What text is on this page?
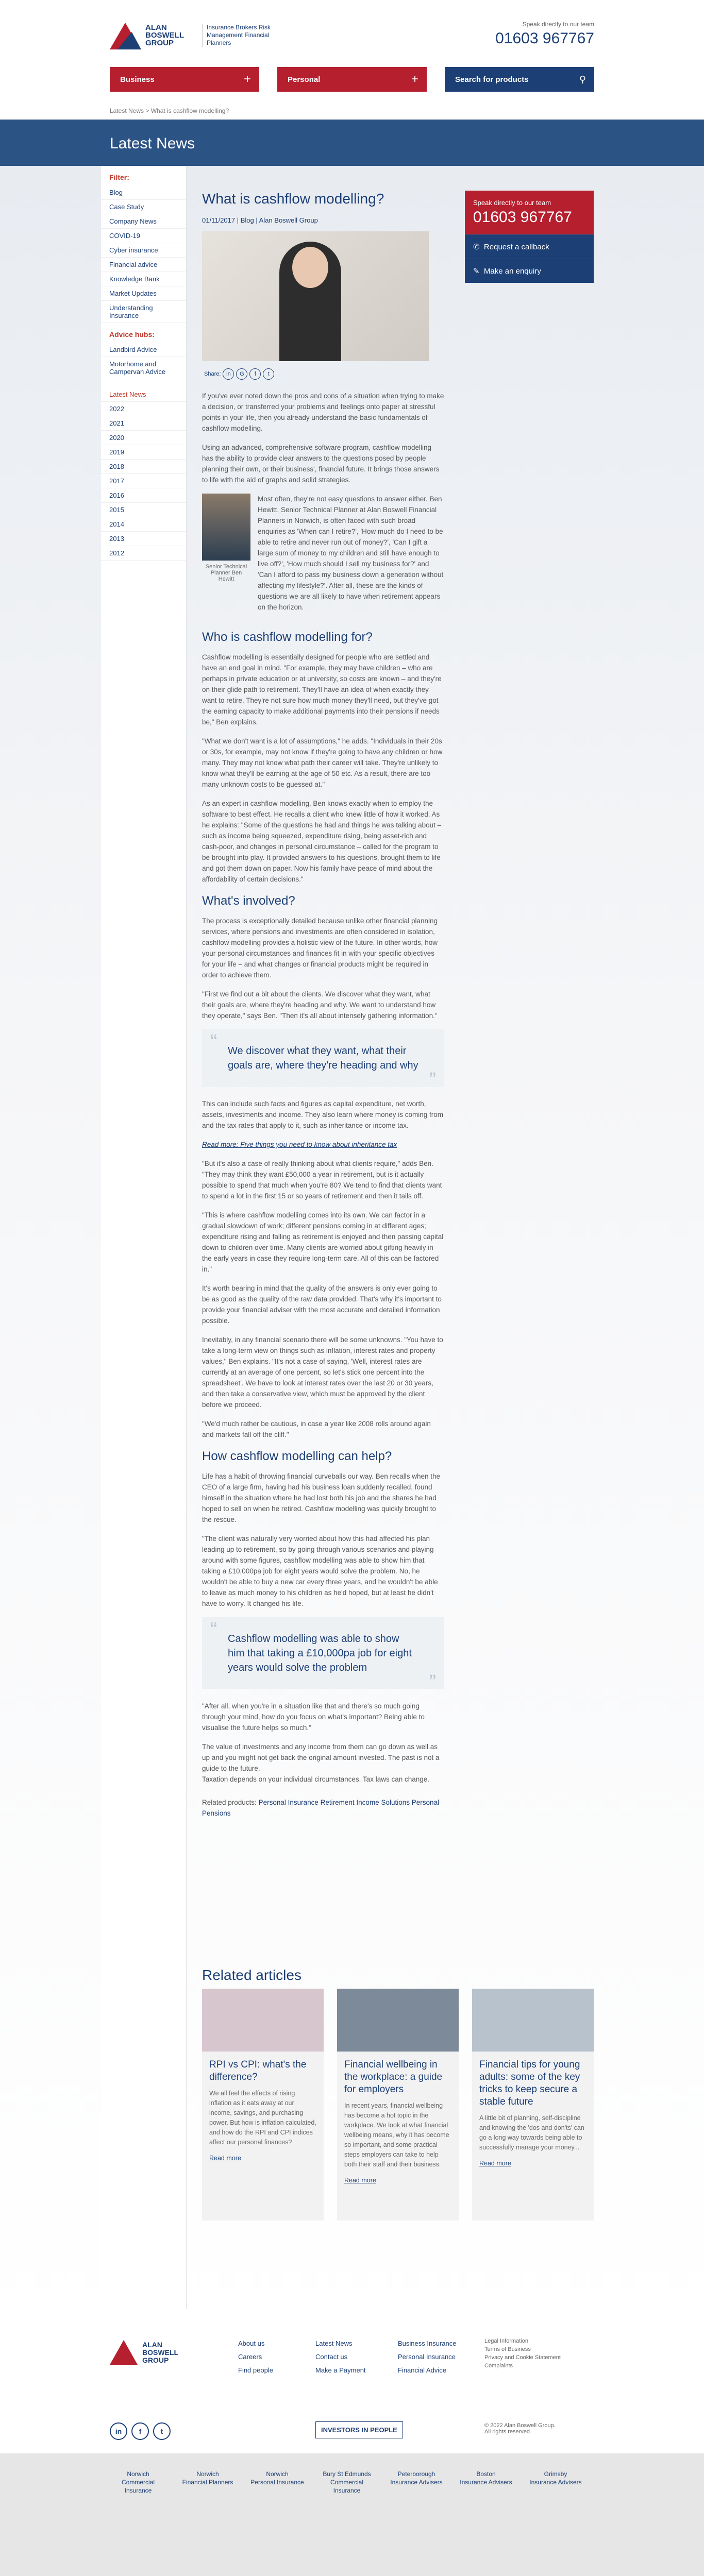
ALAN BOSWELL GROUP
Insurance Brokers Risk Management Financial Planners
Speak directly to our team
01603 967767
Business	+	Personal	+	Search for products	⚲
Latest News > What is cashflow modelling?
Latest News
Filter:
Blog
Case Study
Company News
COVID-19
Cyber insurance
Financial advice
Knowledge Bank
Market Updates
Understanding Insurance
Advice hubs:
Landbird Advice
Motorhome and Campervan Advice
Latest News
2022
2021
2020
2019
2018
2017
2016
2015
2014
2013
2012
What is cashflow modelling?
01/11/2017 | Blog | Alan Boswell Group
Share: in G f t

If you've ever noted down the pros and cons of a situation when trying to make a decision, or transferred your problems and feelings onto paper at stressful points in your life, then you already understand the basic fundamentals of cashflow modelling.

Using an advanced, comprehensive software program, cashflow modelling has the ability to provide clear answers to the questions posed by people planning their own, or their business', financial future. It brings those answers to life with the aid of graphs and solid strategies.

Senior Technical Planner Ben Hewitt

Most often, they're not easy questions to answer either. Ben Hewitt, Senior Technical Planner at Alan Boswell Financial Planners in Norwich, is often faced with such broad enquiries as 'When can I retire?', 'How much do I need to be able to retire and never run out of money?', 'Can I gift a large sum of money to my children and still have enough to live off?', 'How much should I sell my business for?' and 'Can I afford to pass my business down a generation without affecting my lifestyle?'. After all, these are the kinds of questions we are all likely to have when retirement appears on the horizon.

Who is cashflow modelling for?

Cashflow modelling is essentially designed for people who are settled and have an end goal in mind. "For example, they may have children – who are perhaps in private education or at university, so costs are known – and they're on their glide path to retirement. They'll have an idea of when exactly they want to retire. They're not sure how much money they'll need, but they've got the earning capacity to make additional payments into their pensions if needs be," Ben explains.

"What we don't want is a lot of assumptions," he adds. "Individuals in their 20s or 30s, for example, may not know if they're going to have any children or how many. They may not know what path their career will take. They're unlikely to know what they'll be earning at the age of 50 etc. As a result, there are too many unknown costs to be guessed at."

As an expert in cashflow modelling, Ben knows exactly when to employ the software to best effect. He recalls a client who knew little of how it worked. As he explains: "Some of the questions he had and things he was talking about – such as income being squeezed, expenditure rising, being asset-rich and cash-poor, and changes in personal circumstance – called for the program to be brought into play. It provided answers to his questions, brought them to life and got them down on paper. Now his family have peace of mind about the affordability of certain decisions."

What's involved?

The process is exceptionally detailed because unlike other financial planning services, where pensions and investments are often considered in isolation, cashflow modelling provides a holistic view of the future. In other words, how your personal circumstances and finances fit in with your specific objectives for your life – and what changes or financial products might be required in order to achieve them.

"First we find out a bit about the clients. We discover what they want, what their goals are, where they're heading and why. We want to understand how they operate," says Ben. "Then it's all about intensely gathering information."

“ We discover what they want, what their goals are, where they're heading and why
”

This can include such facts and figures as capital expenditure, net worth, assets, investments and income. They also learn where money is coming from and the tax rates that apply to it, such as inheritance or income tax.

Read more: Five things you need to know about inheritance tax

"But it's also a case of really thinking about what clients require," adds Ben. "They may think they want £50,000 a year in retirement, but is it actually possible to spend that much when you're 80? We tend to find that clients want to spend a lot in the first 15 or so years of retirement and then it tails off.

"This is where cashflow modelling comes into its own. We can factor in a gradual slowdown of work; different pensions coming in at different ages; expenditure rising and falling as retirement is enjoyed and then passing capital down to children over time. Many clients are worried about gifting heavily in the early years in case they require long-term care. All of this can be factored in."

It's worth bearing in mind that the quality of the answers is only ever going to be as good as the quality of the raw data provided. That's why it's important to provide your financial adviser with the most accurate and detailed information possible.

Inevitably, in any financial scenario there will be some unknowns. "You have to take a long-term view on things such as inflation, interest rates and property values," Ben explains. "It's not a case of saying, 'Well, interest rates are currently at an average of one percent, so let's stick one percent into the spreadsheet'. We have to look at interest rates over the last 20 or 30 years, and then take a conservative view, which must be approved by the client before we proceed.

"We'd much rather be cautious, in case a year like 2008 rolls around again and markets fall off the cliff."

How cashflow modelling can help?

Life has a habit of throwing financial curveballs our way. Ben recalls when the CEO of a large firm, having had his business loan suddenly recalled, found himself in the situation where he had lost both his job and the shares he had hoped to sell on when he retired. Cashflow modelling was quickly brought to the rescue.

"The client was naturally very worried about how this had affected his plan leading up to retirement, so by going through various scenarios and playing around with some figures, cashflow modelling was able to show him that taking a £10,000pa job for eight years would solve the problem. No, he wouldn't be able to buy a new car every three years, and he wouldn't be able to leave as much money to his children as he'd hoped, but at least he didn't have to worry. It changed his life.

“ Cashflow modelling was able to show him that taking a £10,000pa job for eight years would solve the problem
”

"After all, when you're in a situation like that and there's so much going through your mind, how do you focus on what's important? Being able to visualise the future helps so much."

The value of investments and any income from them can go down as well as up and you might not get back the original amount invested. The past is not a guide to the future.

Taxation depends on your individual circumstances. Tax laws can change.

Related products: Personal Insurance Retirement Income Solutions Personal Pensions

Speak directly to our team
01603 967767
✆ Request a callback
✎ Make an enquiry
Related articles
RPI vs CPI: what's the difference?

We all feel the effects of rising inflation as it eats away at our income, savings, and purchasing power. But how is inflation calculated, and how do the RPI and CPI indices affect our personal finances?

Read more
Financial wellbeing in the workplace: a guide for employers

In recent years, financial wellbeing has become a hot topic in the workplace. We look at what financial wellbeing means, why it has become so important, and some practical steps employers can take to help both their staff and their business.

Read more
Financial tips for young adults: some of the key tricks to keep secure a stable future

A little bit of planning, self-discipline and knowing the 'dos and don'ts' can go a long way towards being able to successfully manage your money...

Read more
ALAN BOSWELL GROUP
About us
Careers
Find people
Latest News
Contact us
Make a Payment
Business Insurance
Personal Insurance
Financial Advice
Legal Information
Terms of Business
Privacy and Cookie Statement
Complaints
in f	t	INVESTORS IN PEOPLE
© 2022 Alan Boswell Group. All rights reserved
Norwich
Commercial Insurance
Norwich
Financial Planners
Norwich
Personal Insurance
Bury St Edmunds
Commercial Insurance
Peterborough
Insurance Advisers
Boston
Insurance Advisers
Grimsby
Insurance Advisers
